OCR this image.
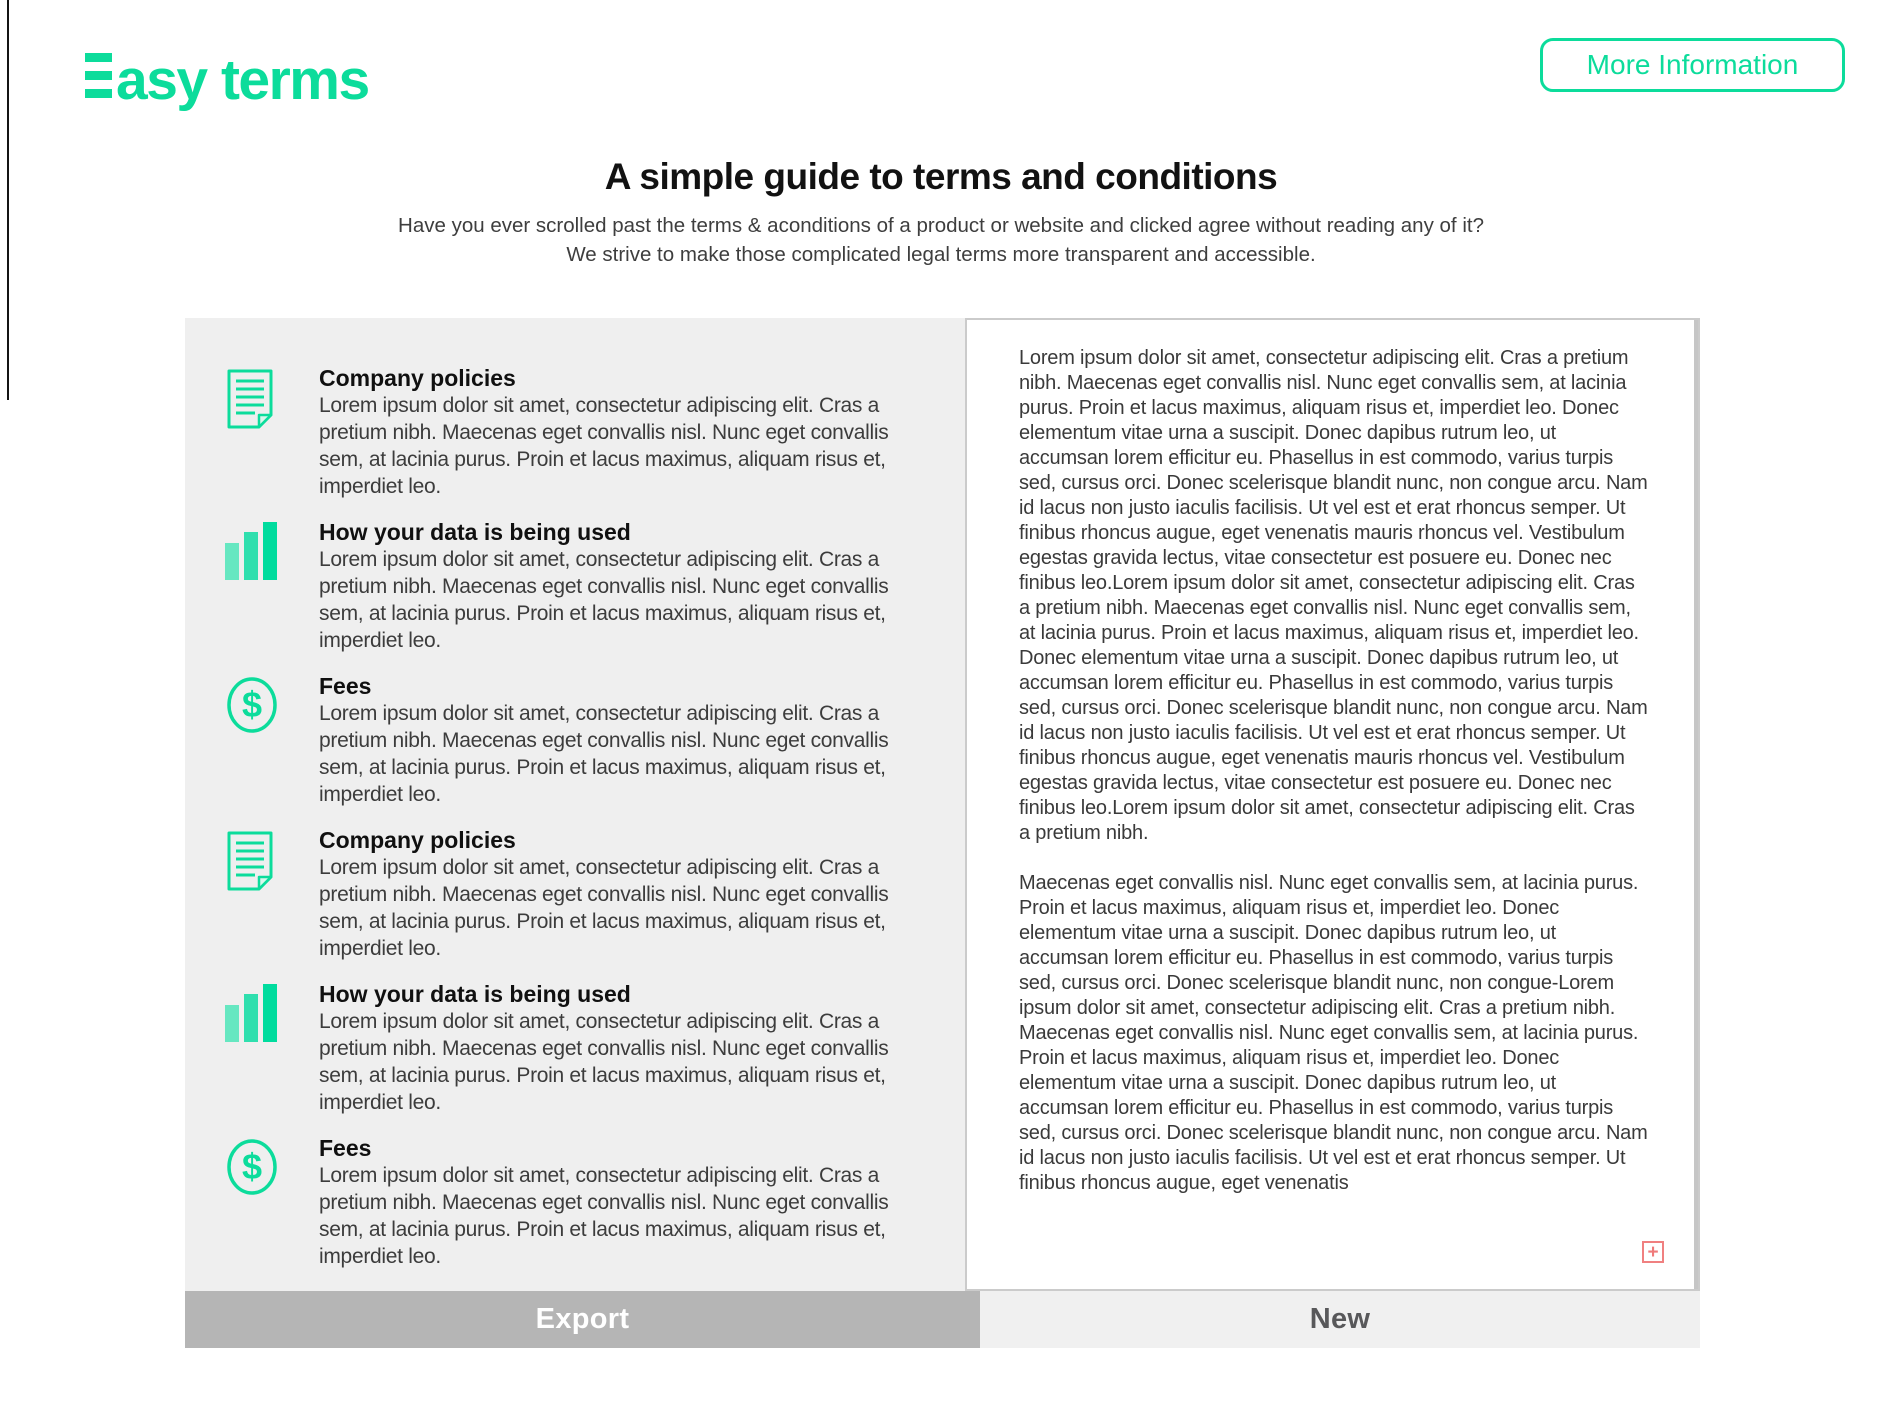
asy terms	More Information
A simple guide to terms and conditions
Have you ever scrolled past the terms & aconditions of a product or website and clicked agree without reading any of it?
We strive to make those complicated legal terms more transparent and accessible.
Company policies
Lorem ipsum dolor sit amet, consectetur adipiscing elit. Cras a pretium nibh. Maecenas eget convallis nisl. Nunc eget convallis sem, at lacinia purus. Proin et lacus maximus, aliquam risus et, imperdiet leo.
How your data is being used
Lorem ipsum dolor sit amet, consectetur adipiscing elit. Cras a pretium nibh. Maecenas eget convallis nisl. Nunc eget convallis sem, at lacinia purus. Proin et lacus maximus, aliquam risus et, imperdiet leo.
$ Fees
Lorem ipsum dolor sit amet, consectetur adipiscing elit. Cras a pretium nibh. Maecenas eget convallis nisl. Nunc eget convallis sem, at lacinia purus. Proin et lacus maximus, aliquam risus et, imperdiet leo.
Company policies
Lorem ipsum dolor sit amet, consectetur adipiscing elit. Cras a pretium nibh. Maecenas eget convallis nisl. Nunc eget convallis sem, at lacinia purus. Proin et lacus maximus, aliquam risus et, imperdiet leo.
How your data is being used
Lorem ipsum dolor sit amet, consectetur adipiscing elit. Cras a pretium nibh. Maecenas eget convallis nisl. Nunc eget convallis sem, at lacinia purus. Proin et lacus maximus, aliquam risus et, imperdiet leo.
$ Fees
Lorem ipsum dolor sit amet, consectetur adipiscing elit. Cras a pretium nibh. Maecenas eget convallis nisl. Nunc eget convallis sem, at lacinia purus. Proin et lacus maximus, aliquam risus et, imperdiet leo.

Lorem ipsum dolor sit amet, consectetur adipiscing elit. Cras a pretium nibh. Maecenas eget convallis nisl. Nunc eget convallis sem, at lacinia purus. Proin et lacus maximus, aliquam risus et, imperdiet leo. Donec elementum vitae urna a suscipit. Donec dapibus rutrum leo, ut accumsan lorem efficitur eu. Phasellus in est commodo, varius turpis sed, cursus orci. Donec scelerisque blandit nunc, non congue arcu. Nam id lacus non justo iaculis facilisis. Ut vel est et erat rhoncus semper. Ut finibus rhoncus augue, eget venenatis mauris rhoncus vel. Vestibulum egestas gravida lectus, vitae consectetur est posuere eu. Donec nec finibus leo.Lorem ipsum dolor sit amet, consectetur adipiscing elit. Cras a pretium nibh. Maecenas eget convallis nisl. Nunc eget convallis sem, at lacinia purus. Proin et lacus maximus, aliquam risus et, imperdiet leo. Donec elementum vitae urna a suscipit. Donec dapibus rutrum leo, ut accumsan lorem efficitur eu. Phasellus in est commodo, varius turpis sed, cursus orci. Donec scelerisque blandit nunc, non congue arcu. Nam id lacus non justo iaculis facilisis. Ut vel est et erat rhoncus semper. Ut finibus rhoncus augue, eget venenatis mauris rhoncus vel. Vestibulum egestas gravida lectus, vitae consectetur est posuere eu. Donec nec finibus leo.Lorem ipsum dolor sit amet, consectetur adipiscing elit. Cras a pretium nibh.

Maecenas eget convallis nisl. Nunc eget convallis sem, at lacinia purus. Proin et lacus maximus, aliquam risus et, imperdiet leo. Donec elementum vitae urna a suscipit. Donec dapibus rutrum leo, ut accumsan lorem efficitur eu. Phasellus in est commodo, varius turpis sed, cursus orci. Donec scelerisque blandit nunc, non congue-Lorem ipsum dolor sit amet, consectetur adipiscing elit. Cras a pretium nibh. Maecenas eget convallis nisl. Nunc eget convallis sem, at lacinia purus. Proin et lacus maximus, aliquam risus et, imperdiet leo. Donec elementum vitae urna a suscipit. Donec dapibus rutrum leo, ut accumsan lorem efficitur eu. Phasellus in est commodo, varius turpis sed, cursus orci. Donec scelerisque blandit nunc, non congue arcu. Nam id lacus non justo iaculis facilisis. Ut vel est et erat rhoncus semper. Ut finibus rhoncus augue, eget venenatis

+
Export	New
